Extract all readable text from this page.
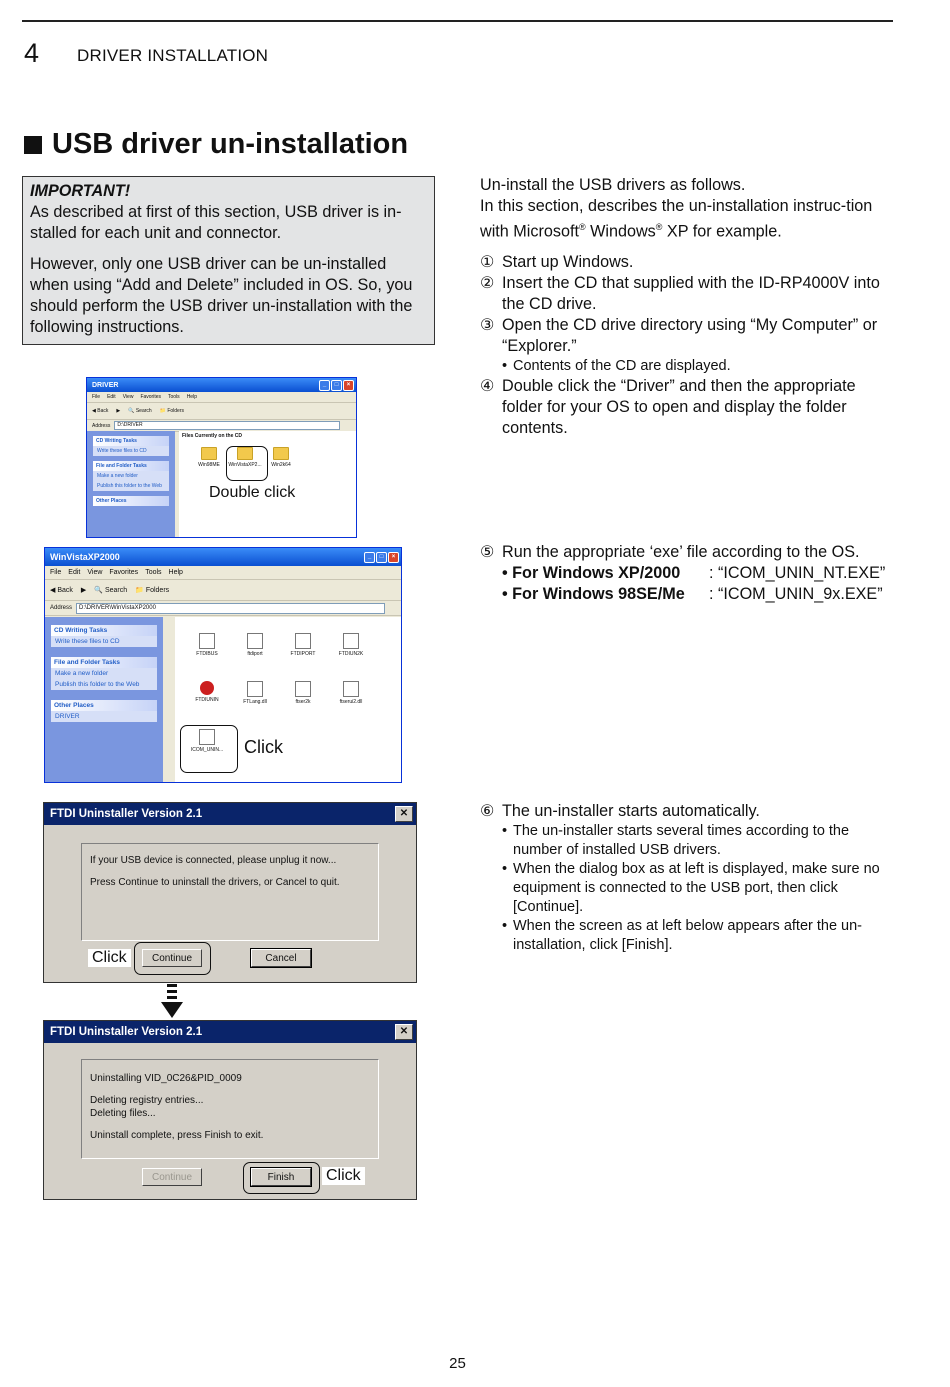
4 DRIVER INSTALLATION
USB driver un-installation

IMPORTANT!

As described at first of this section, USB driver is in-stalled for each unit and connector.

However, only one USB driver can be un-installed when using “Add and Delete” included in OS. So, you should perform the USB driver un-installation with the following instructions.

Un-install the USB drivers as follows.

In this section, describes the un-installation instruc-tion with Microsoft® Windows® XP for example.

① Start up Windows.
② Insert the CD that supplied with the ID-RP4000V into the CD drive.
③ Open the CD drive directory using “My Computer” or “Explorer.”
• Contents of the CD are displayed.
④ Double click the “Driver” and then the appropriate folder for your OS to open and display the folder contents.
⑤ Run the appropriate ‘exe’ file according to the OS.
• For Windows XP/2000	: “ICOM_UNIN_NT.EXE”
• For Windows 98SE/Me	: “ICOM_UNIN_9x.EXE”
⑥ The un-installer starts automatically.
• The un-installer starts several times according to the number of installed USB drivers.
• When the dialog box as at left is displayed, make sure no equipment is connected to the USB port, then click [Continue].
• When the screen as at left below appears after the un-installation, click [Finish].
DRIVER	_	□	×
File Edit View Favorites Tools Help
◀ Back ▶ 🔍 Search 📁 Folders
Address	D:\DRIVER
CD Writing Tasks
Write these files to CD
File and Folder Tasks
Make a new folder
Publish this folder to the Web
Other Places
Files Currently on the CD
Win98ME	WinVistaXP2...	Win2k64
Double click
WinVistaXP2000	_	□	×
File Edit View Favorites Tools Help
◀ Back ▶ 🔍 Search 📁 Folders
Address	D:\DRIVER\WinVistaXP2000
CD Writing Tasks
Write these files to CD
File and Folder Tasks
Make a new folder
Publish this folder to the Web
Other Places
DRIVER
FTDIBUS	ftdiport	FTDIPORT	FTDIUN2K
FTDIUNIN	FTLang.dll	ftser2k	ftserui2.dll
ICOM_UNIN... Click
FTDI Uninstaller Version 2.1	✕

If your USB device is connected, please unplug it now...

Press Continue to uninstall the drivers, or Cancel to quit.

Continue	Cancel
Click
FTDI Uninstaller Version 2.1	✕

Uninstalling VID_0C26&PID_0009

Deleting registry entries...

Deleting files...

Uninstall complete, press Finish to exit.

Continue	Finish	Click
25
